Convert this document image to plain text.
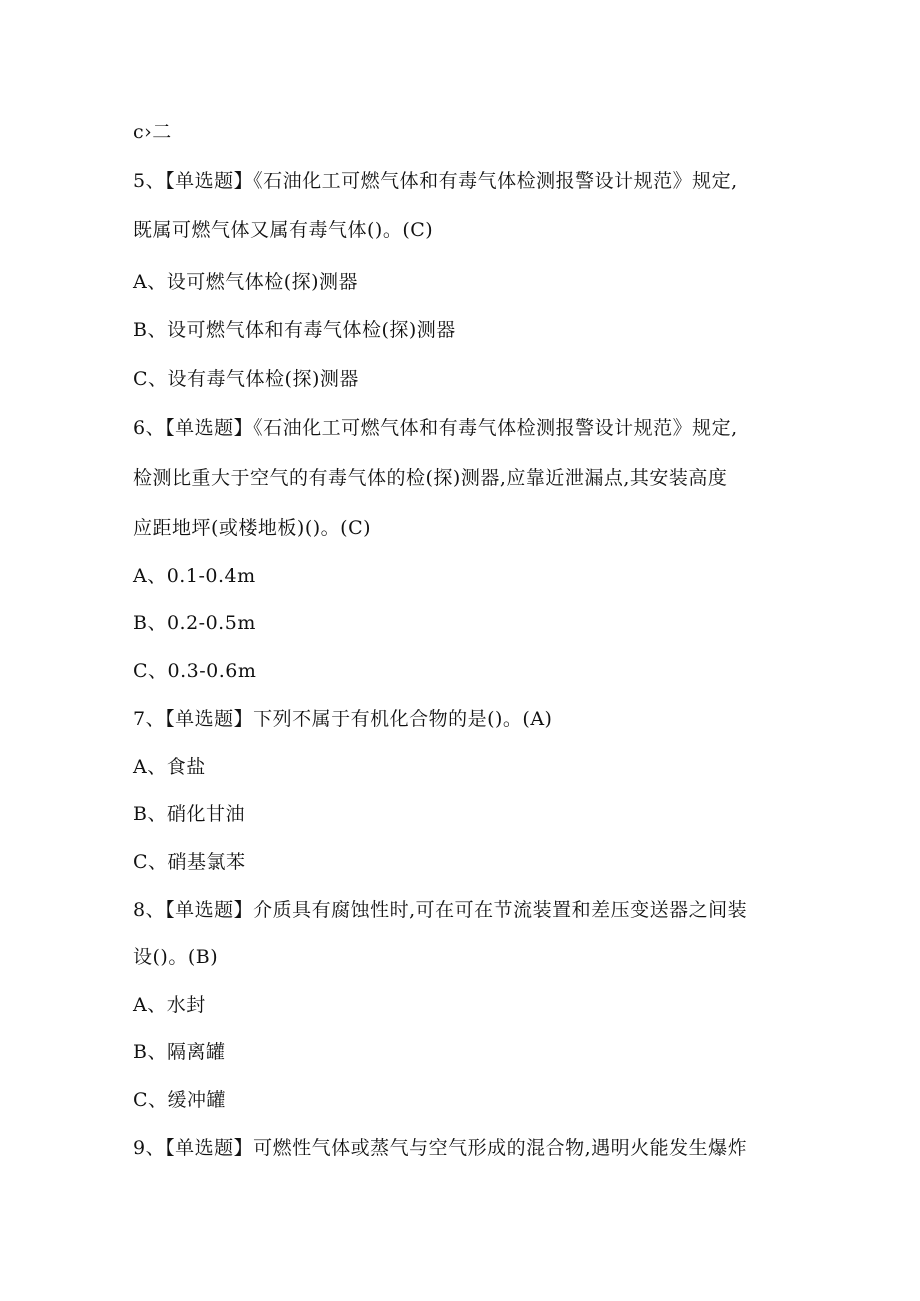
c›二
5、【单选题】《石油化工可燃气体和有毒气体检测报警设计规范》规定,
既属可燃气体又属有毒气体()。(C)
A、设可燃气体检(探)测器
B、设可燃气体和有毒气体检(探)测器
C、设有毒气体检(探)测器
6、【单选题】《石油化工可燃气体和有毒气体检测报警设计规范》规定,
检测比重大于空气的有毒气体的检(探)测器,应靠近泄漏点,其安装高度
应距地坪(或楼地板)()。(C)
A、0.1-0.4m
B、0.2-0.5m
C、0.3-0.6m
7、【单选题】下列不属于有机化合物的是()。(A)
A、食盐
B、硝化甘油
C、硝基氯苯
8、【单选题】介质具有腐蚀性时,可在可在节流装置和差压变送器之间装
设()。(B)
A、水封
B、隔离罐
C、缓冲罐
9、【单选题】可燃性气体或蒸气与空气形成的混合物,遇明火能发生爆炸
